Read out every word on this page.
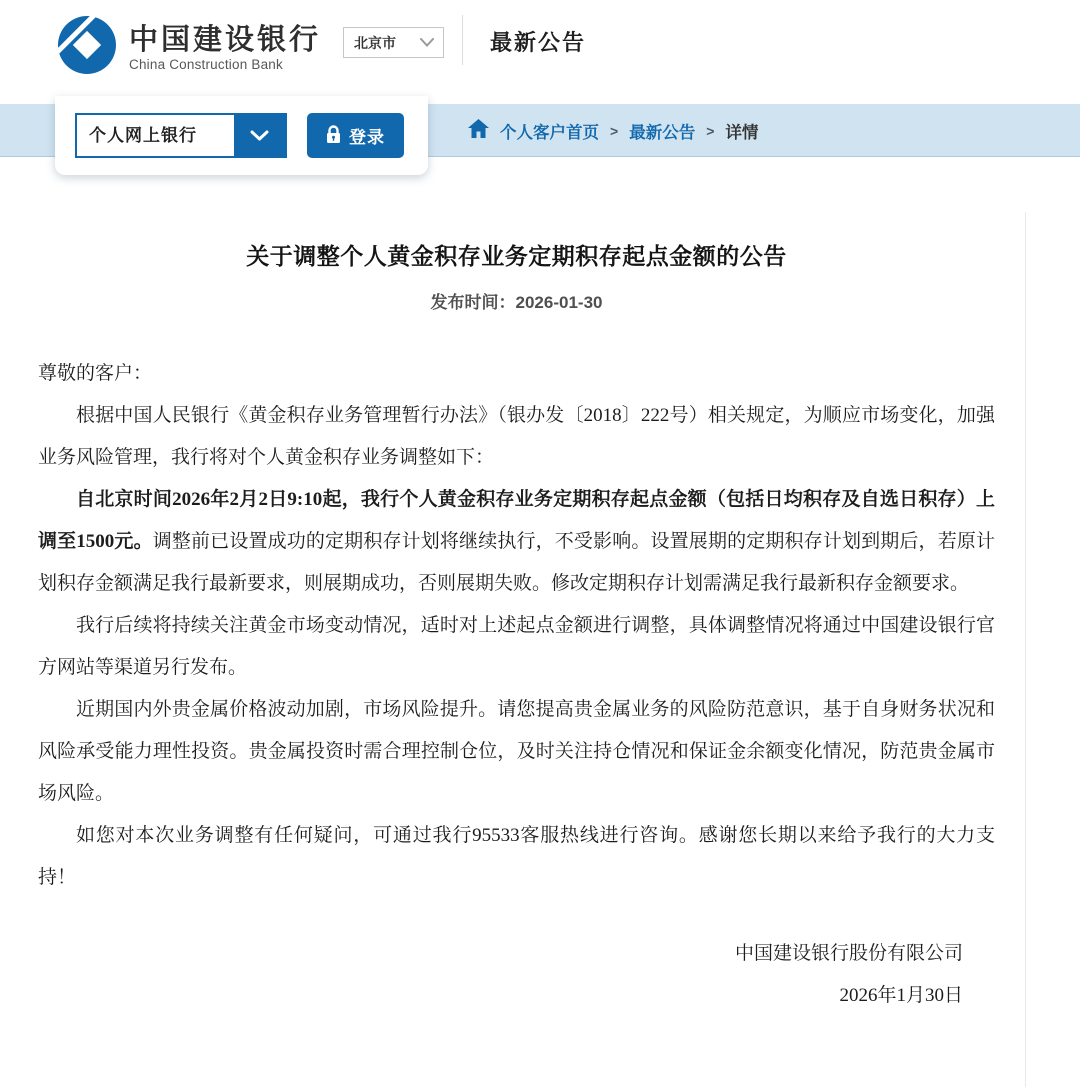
中国建设银行
China Construction Bank
北京市	最新公告
个人网上银行	登录	个人客户首页 > 最新公告 > 详情
关于调整个人黄金积存业务定期积存起点金额的公告
发布时间：2026-01-30

尊敬的客户：

根据中国人民银行《黄金积存业务管理暂行办法》（银办发〔2018〕222号）相关规定，为顺应市场变化，加强业务风险管理，我行将对个人黄金积存业务调整如下：

自北京时间2026年2月2日9:10起，我行个人黄金积存业务定期积存起点金额（包括日均积存及自选日积存）上调至1500元。调整前已设置成功的定期积存计划将继续执行，不受影响。设置展期的定期积存计划到期后，若原计划积存金额满足我行最新要求，则展期成功，否则展期失败。修改定期积存计划需满足我行最新积存金额要求。

我行后续将持续关注黄金市场变动情况，适时对上述起点金额进行调整，具体调整情况将通过中国建设银行官方网站等渠道另行发布。

近期国内外贵金属价格波动加剧，市场风险提升。请您提高贵金属业务的风险防范意识，基于自身财务状况和风险承受能力理性投资。贵金属投资时需合理控制仓位，及时关注持仓情况和保证金余额变化情况，防范贵金属市场风险。

如您对本次业务调整有任何疑问，可通过我行95533客服热线进行咨询。感谢您长期以来给予我行的大力支持！

中国建设银行股份有限公司
2026年1月30日
